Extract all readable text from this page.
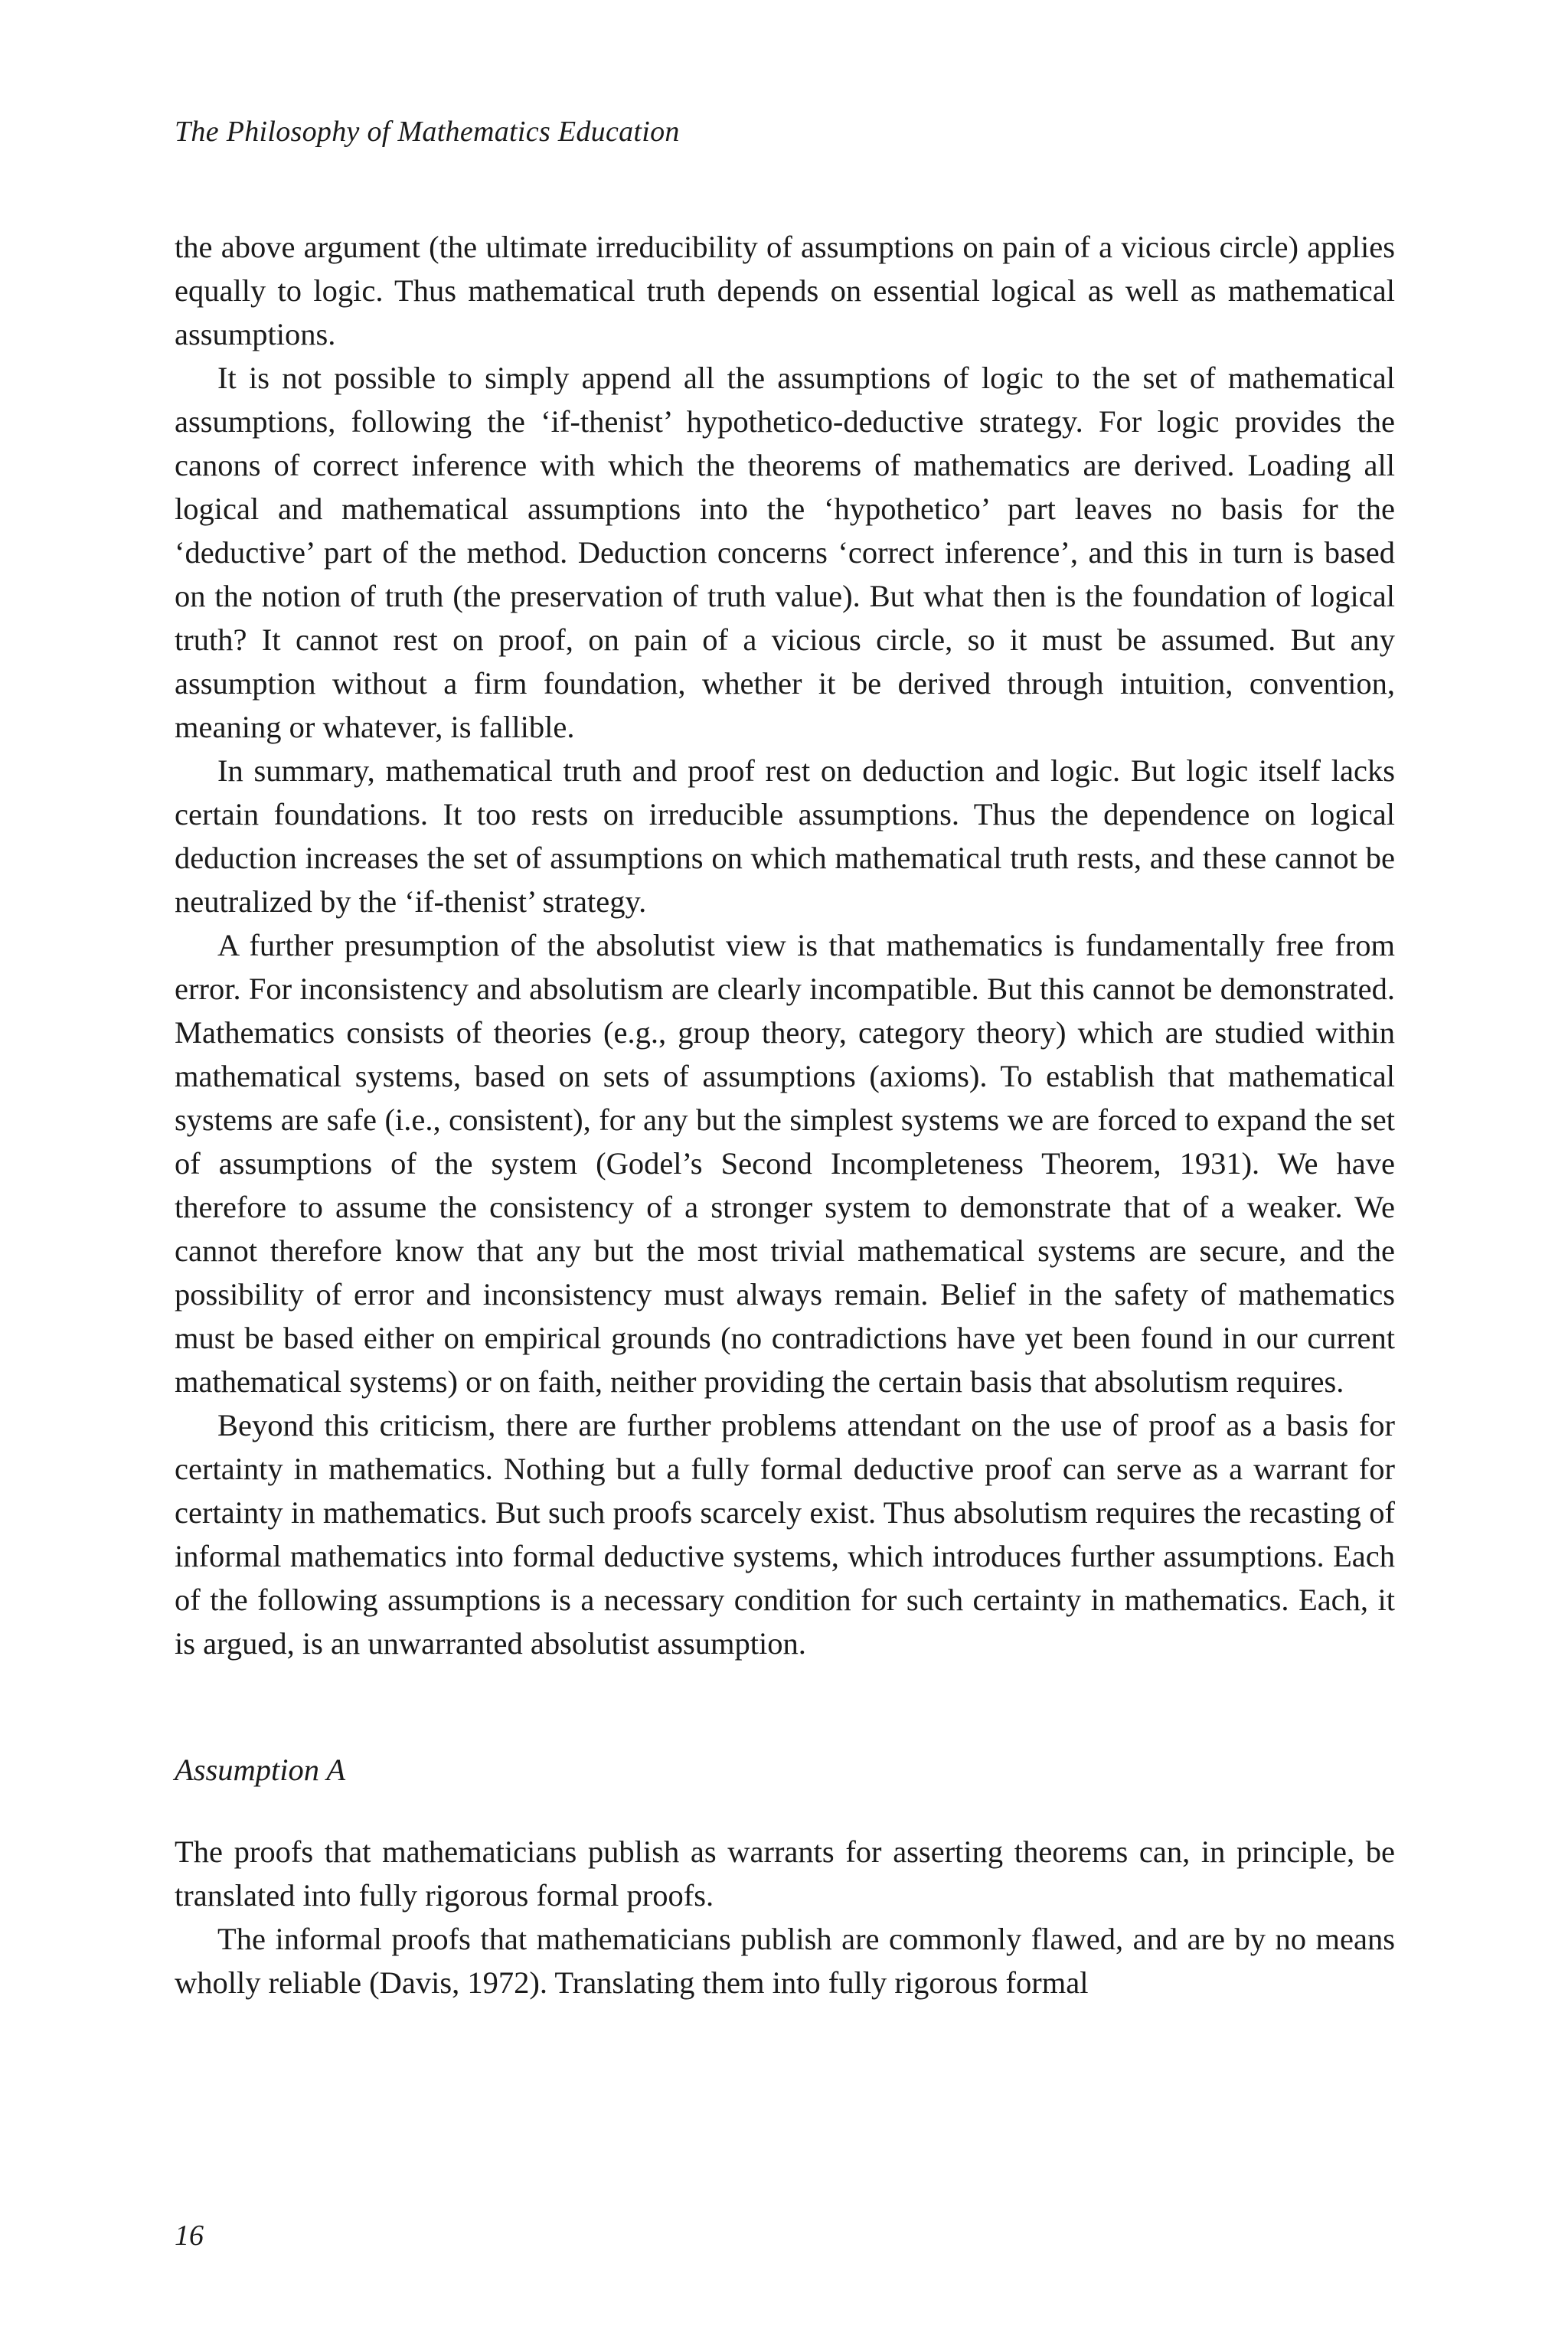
The Philosophy of Mathematics Education

the above argument (the ultimate irreducibility of assumptions on pain of a vicious circle) applies equally to logic. Thus mathematical truth depends on essential logical as well as mathematical assumptions.

It is not possible to simply append all the assumptions of logic to the set of mathematical assumptions, following the ‘if-thenist’ hypothetico-deductive strategy. For logic provides the canons of correct inference with which the theorems of mathematics are derived. Loading all logical and mathematical assumptions into the ‘hypothetico’ part leaves no basis for the ‘deductive’ part of the method. Deduction concerns ‘correct inference’, and this in turn is based on the notion of truth (the preservation of truth value). But what then is the foundation of logical truth? It cannot rest on proof, on pain of a vicious circle, so it must be assumed. But any assumption without a firm foundation, whether it be derived through intuition, convention, meaning or whatever, is fallible.

In summary, mathematical truth and proof rest on deduction and logic. But logic itself lacks certain foundations. It too rests on irreducible assumptions. Thus the dependence on logical deduction increases the set of assumptions on which mathematical truth rests, and these cannot be neutralized by the ‘if-thenist’ strategy.

A further presumption of the absolutist view is that mathematics is fundamentally free from error. For inconsistency and absolutism are clearly incompatible. But this cannot be demonstrated. Mathematics consists of theories (e.g., group theory, category theory) which are studied within mathematical systems, based on sets of assumptions (axioms). To establish that mathematical systems are safe (i.e., consistent), for any but the simplest systems we are forced to expand the set of assumptions of the system (Godel’s Second Incompleteness Theorem, 1931). We have therefore to assume the consistency of a stronger system to demonstrate that of a weaker. We cannot therefore know that any but the most trivial mathematical systems are secure, and the possibility of error and inconsistency must always remain. Belief in the safety of mathematics must be based either on empirical grounds (no contradictions have yet been found in our current mathematical systems) or on faith, neither providing the certain basis that absolutism requires.

Beyond this criticism, there are further problems attendant on the use of proof as a basis for certainty in mathematics. Nothing but a fully formal deductive proof can serve as a warrant for certainty in mathematics. But such proofs scarcely exist. Thus absolutism requires the recasting of informal mathematics into formal deductive systems, which introduces further assumptions. Each of the following assumptions is a necessary condition for such certainty in mathematics. Each, it is argued, is an unwarranted absolutist assumption.

Assumption A

The proofs that mathematicians publish as warrants for asserting theorems can, in principle, be translated into fully rigorous formal proofs.

The informal proofs that mathematicians publish are commonly flawed, and are by no means wholly reliable (Davis, 1972). Translating them into fully rigorous formal

16
